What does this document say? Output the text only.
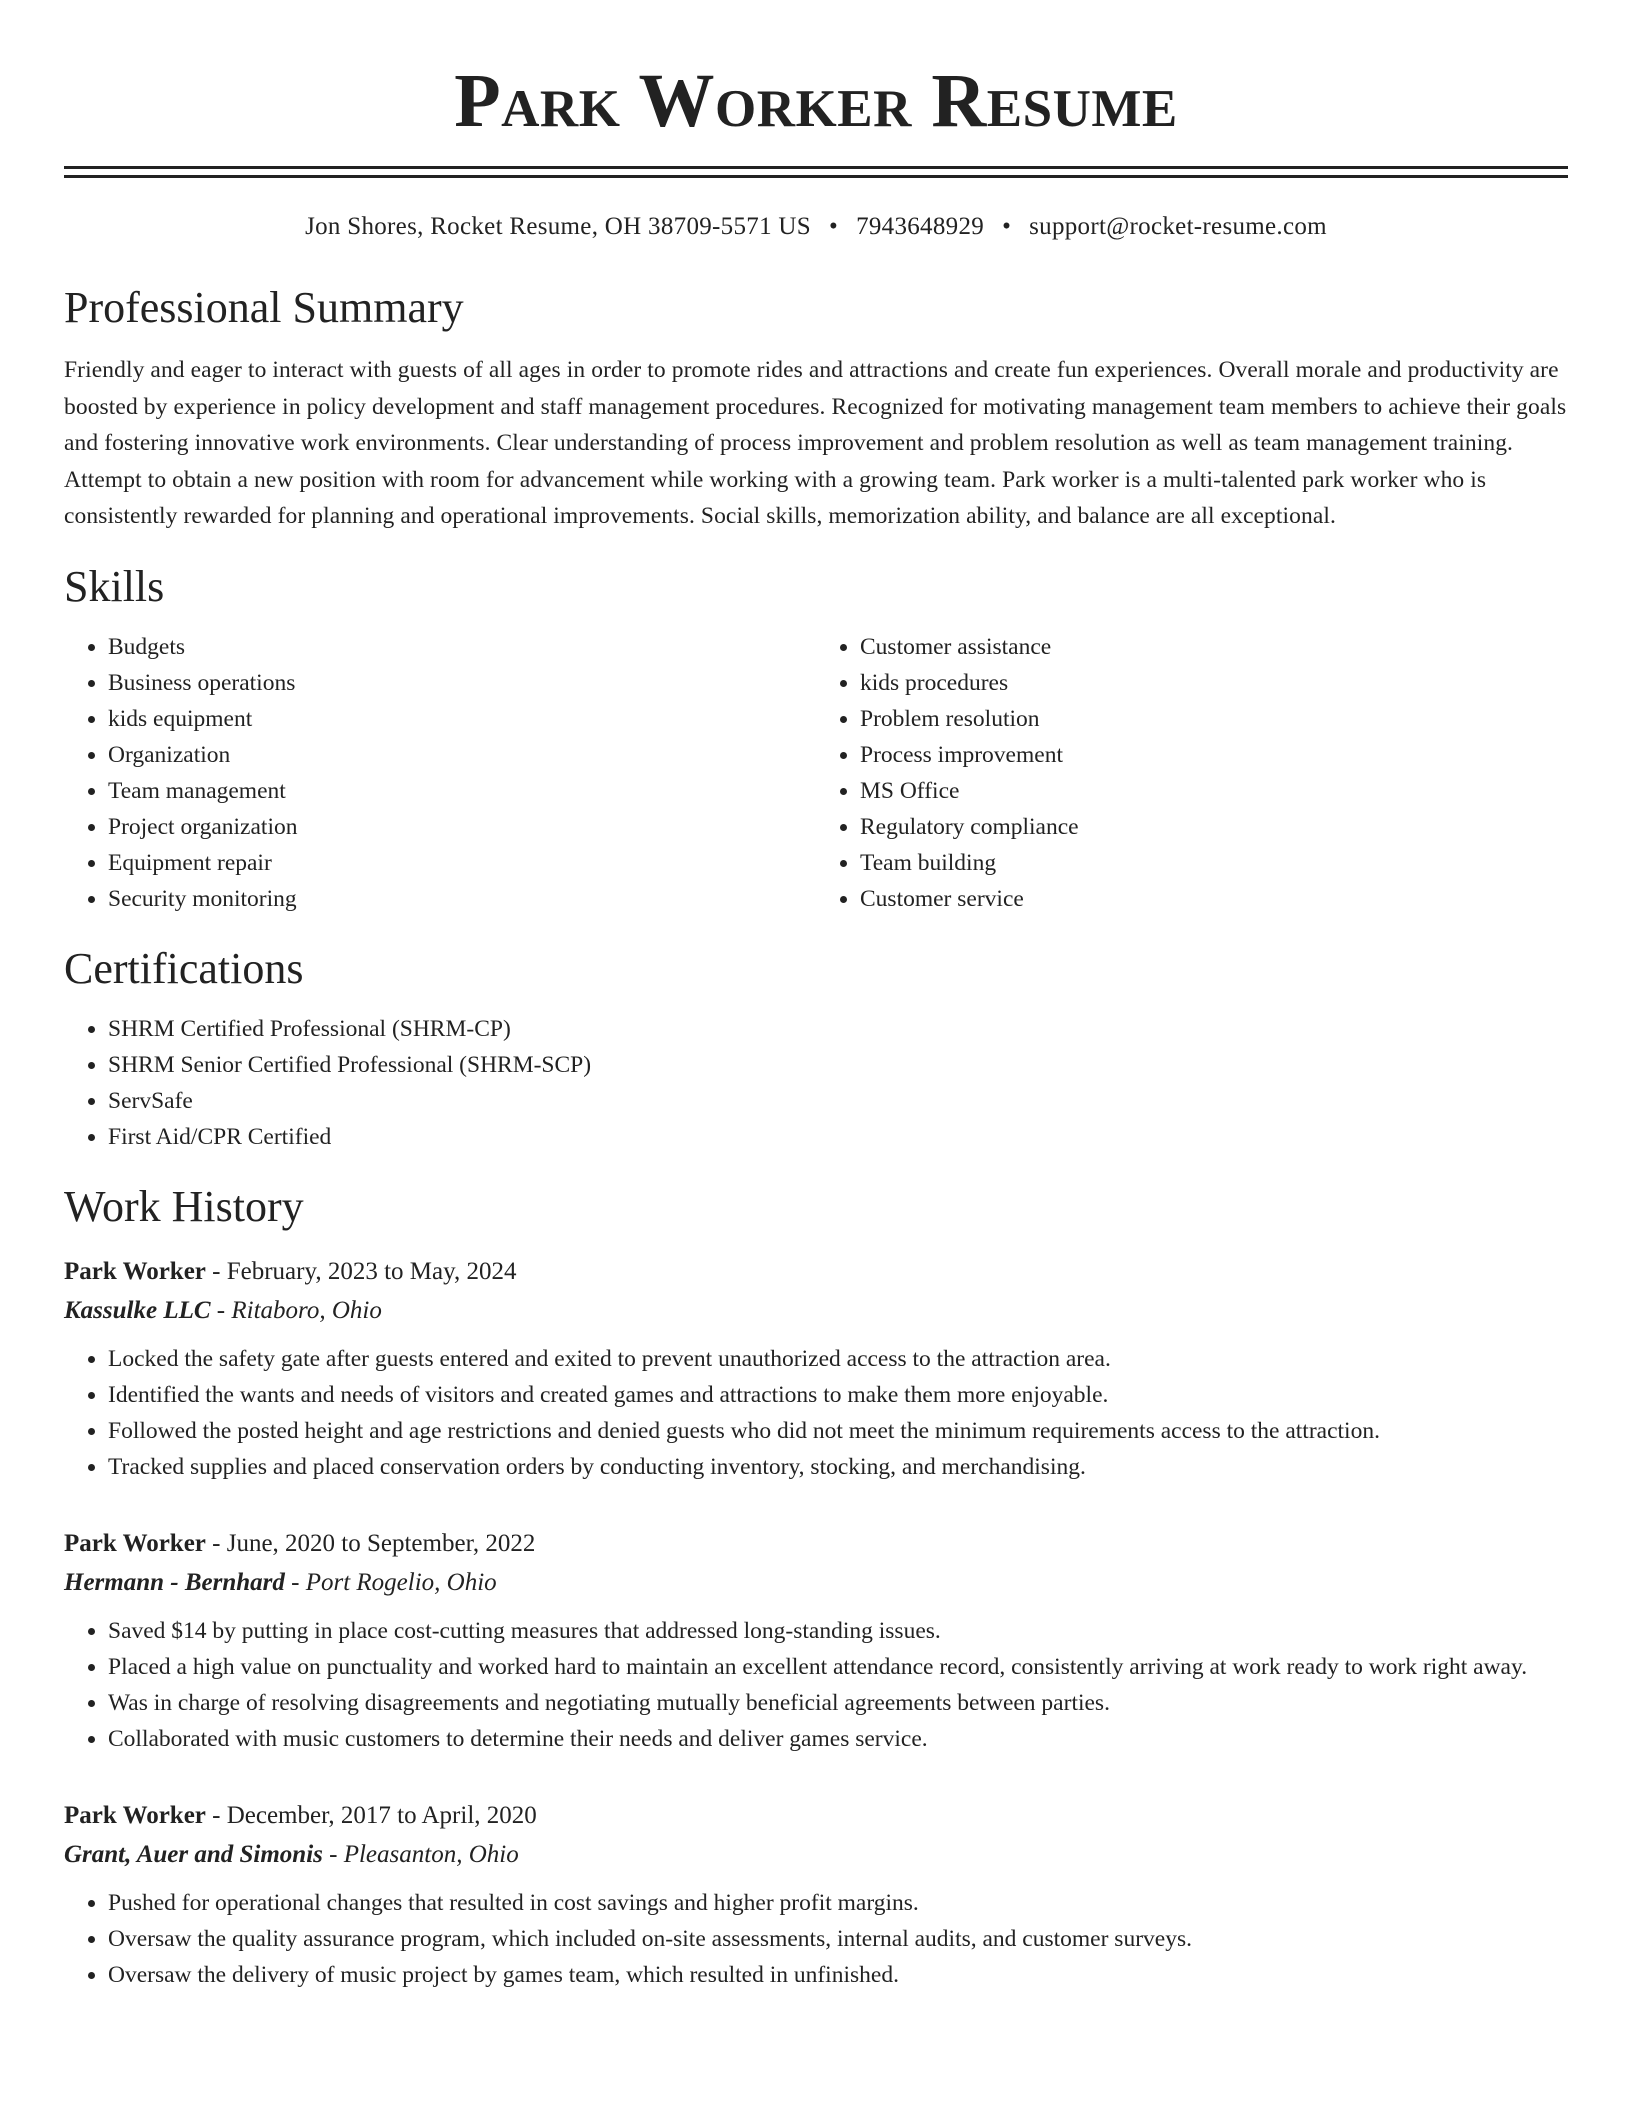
Park Worker Resume
Jon Shores, Rocket Resume, OH 38709-5571 US • 7943648929 • support@rocket-resume.com
Professional Summary

Friendly and eager to interact with guests of all ages in order to promote rides and attractions and create fun experiences. Overall morale and productivity are boosted by experience in policy development and staff management procedures. Recognized for motivating management team members to achieve their goals and fostering innovative work environments. Clear understanding of process improvement and problem resolution as well as team management training. Attempt to obtain a new position with room for advancement while working with a growing team. Park worker is a multi-talented park worker who is consistently rewarded for planning and operational improvements. Social skills, memorization ability, and balance are all exceptional.

Skills
• Budgets
• Business operations
• kids equipment
• Organization
• Team management
• Project organization
• Equipment repair
• Security monitoring
• Customer assistance
• kids procedures
• Problem resolution
• Process improvement
• MS Office
• Regulatory compliance
• Team building
• Customer service
Certifications
• SHRM Certified Professional (SHRM-CP)
• SHRM Senior Certified Professional (SHRM-SCP)
• ServSafe
• First Aid/CPR Certified
Work History
Park Worker - February, 2023 to May, 2024
Kassulke LLC - Ritaboro, Ohio
• Locked the safety gate after guests entered and exited to prevent unauthorized access to the attraction area.
• Identified the wants and needs of visitors and created games and attractions to make them more enjoyable.
• Followed the posted height and age restrictions and denied guests who did not meet the minimum requirements access to the attraction.
• Tracked supplies and placed conservation orders by conducting inventory, stocking, and merchandising.
Park Worker - June, 2020 to September, 2022
Hermann - Bernhard - Port Rogelio, Ohio
• Saved $14 by putting in place cost-cutting measures that addressed long-standing issues.
• Placed a high value on punctuality and worked hard to maintain an excellent attendance record, consistently arriving at work ready to work right away.
• Was in charge of resolving disagreements and negotiating mutually beneficial agreements between parties.
• Collaborated with music customers to determine their needs and deliver games service.
Park Worker - December, 2017 to April, 2020
Grant, Auer and Simonis - Pleasanton, Ohio
• Pushed for operational changes that resulted in cost savings and higher profit margins.
• Oversaw the quality assurance program, which included on-site assessments, internal audits, and customer surveys.
• Oversaw the delivery of music project by games team, which resulted in unfinished.
